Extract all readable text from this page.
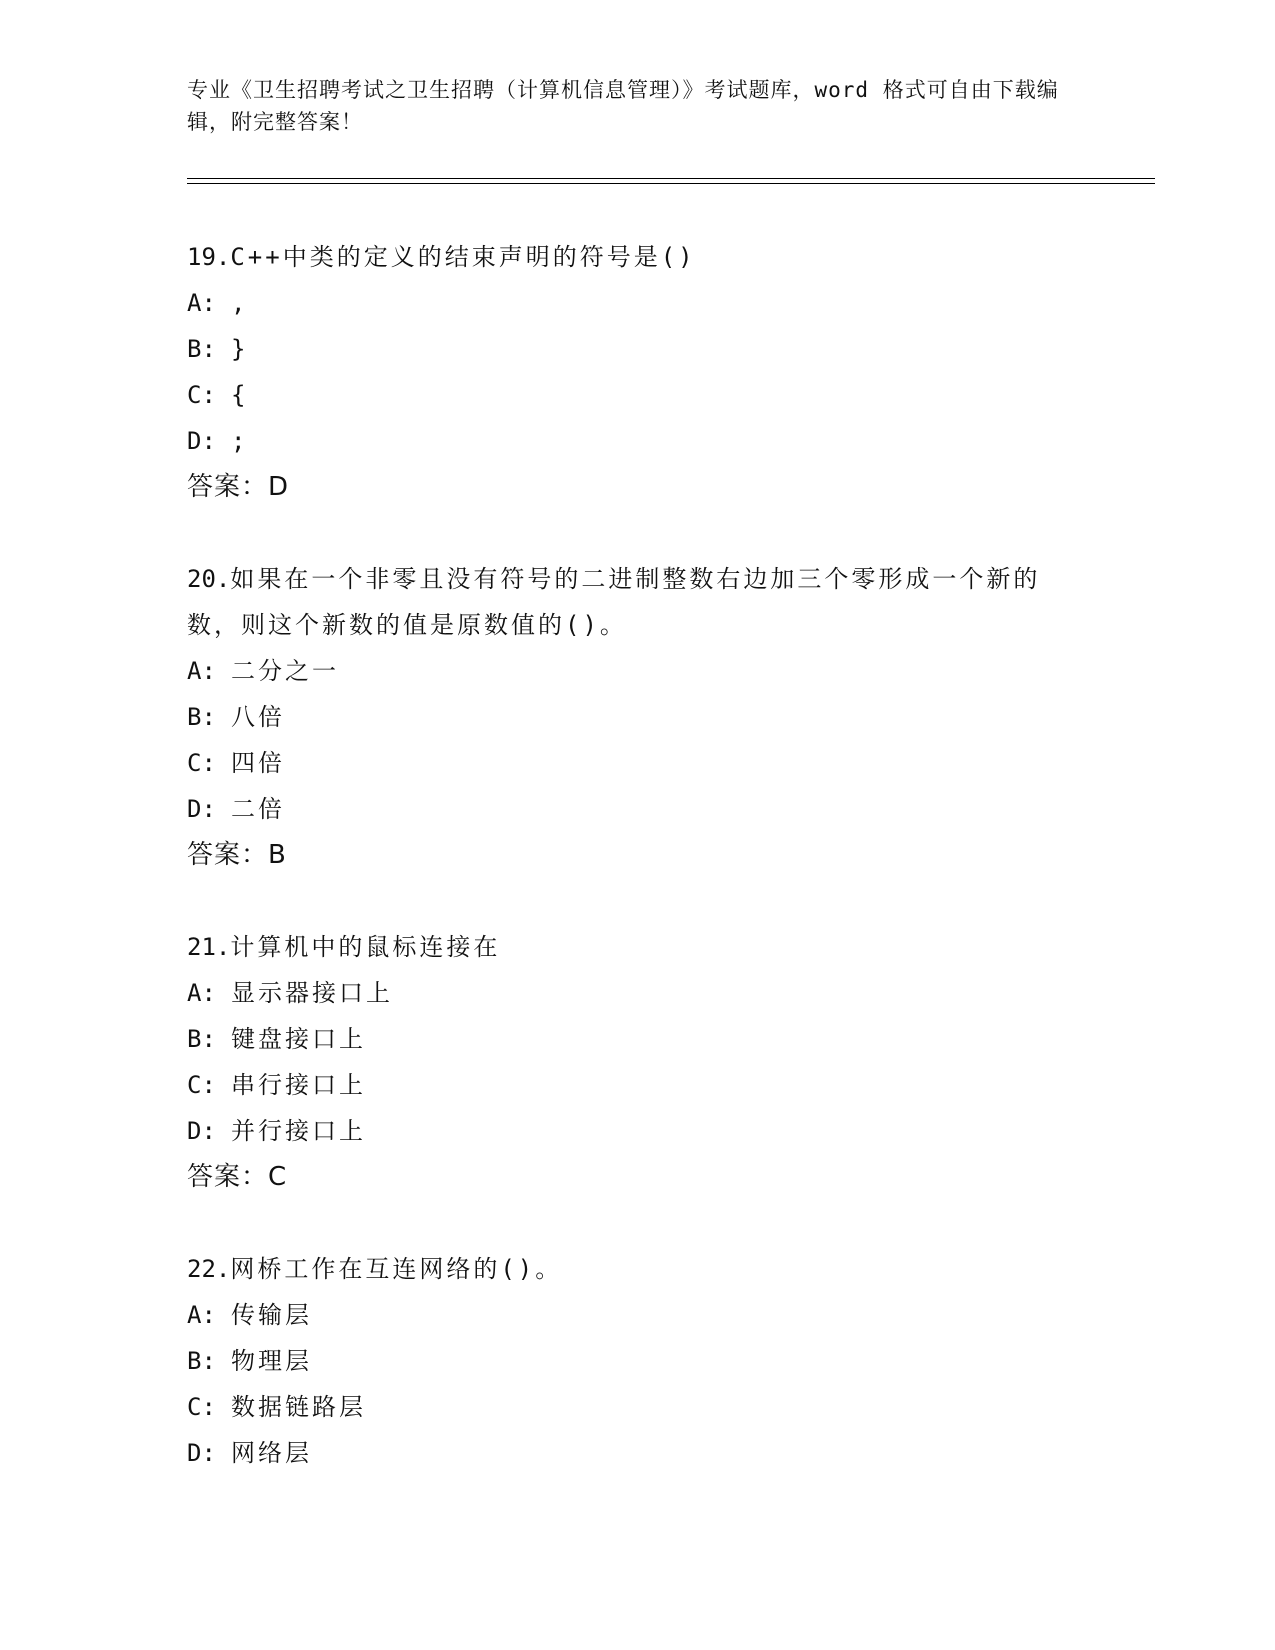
专业《卫生招聘考试之卫生招聘（计算机信息管理）》考试题库，word 格式可自由下载编辑，附完整答案！

19.C++中类的定义的结束声明的符号是()

A: ,
B: }
C: {
D: ;
答案：D

20.如果在一个非零且没有符号的二进制整数右边加三个零形成一个新的数，则这个新数的值是原数值的()。

A: 二分之一
B: 八倍
C: 四倍
D: 二倍
答案：B

21.计算机中的鼠标连接在

A: 显示器接口上
B: 键盘接口上
C: 串行接口上
D: 并行接口上
答案：C

22.网桥工作在互连网络的()。

A: 传输层
B: 物理层
C: 数据链路层
D: 网络层
